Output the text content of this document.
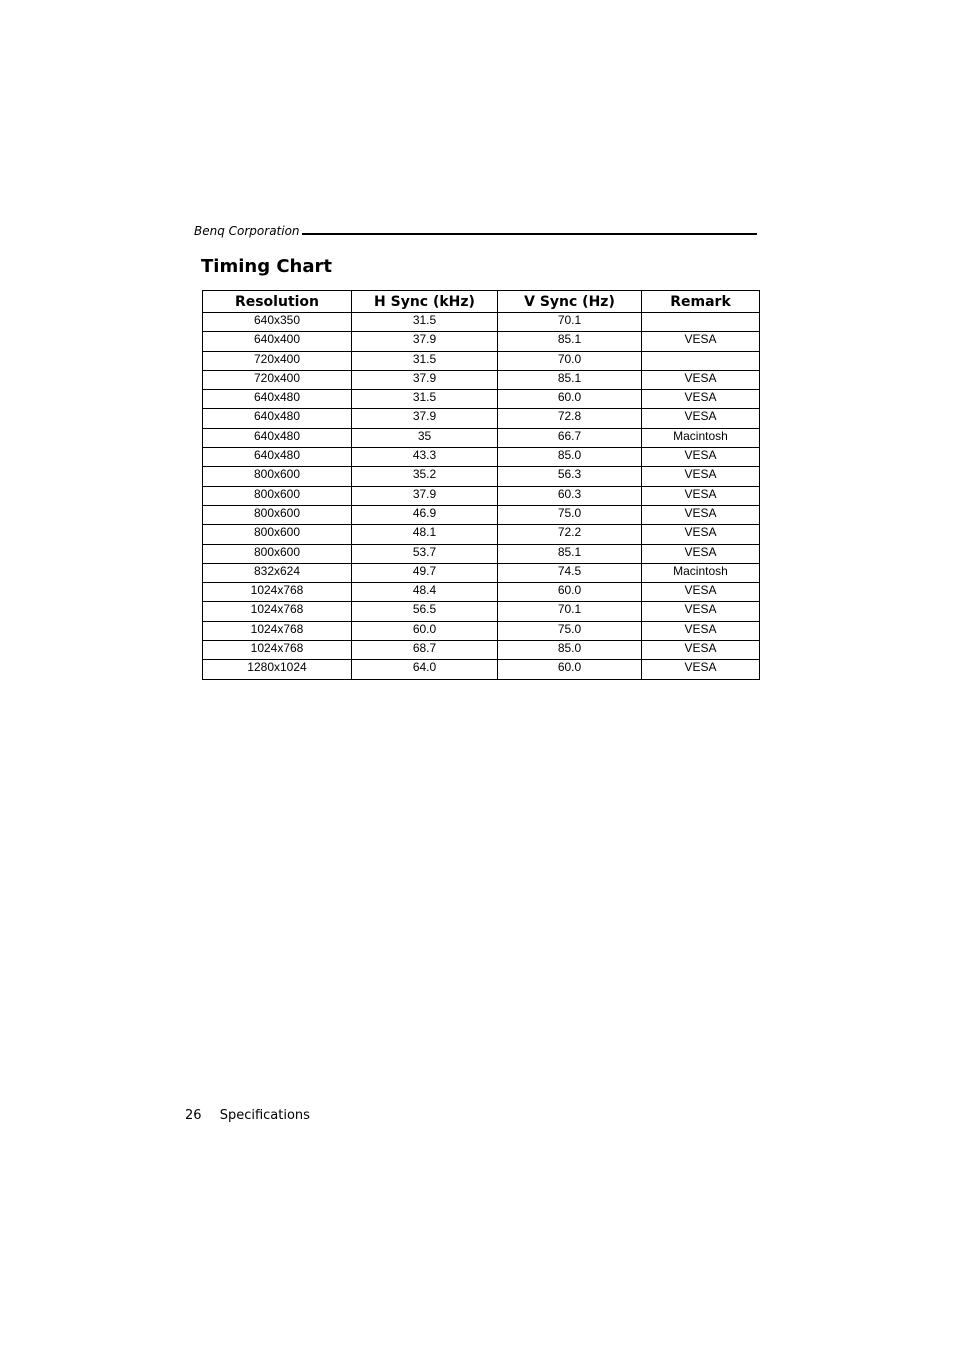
Benq Corporation
Timing Chart
Resolution	H Sync (kHz)	V Sync (Hz)	Remark
640x350	31.5	70.1	
640x400	37.9	85.1	VESA
720x400	31.5	70.0	
720x400	37.9	85.1	VESA
640x480	31.5	60.0	VESA
640x480	37.9	72.8	VESA
640x480	35	66.7	Macintosh
640x480	43.3	85.0	VESA
800x600	35.2	56.3	VESA
800x600	37.9	60.3	VESA
800x600	46.9	75.0	VESA
800x600	48.1	72.2	VESA
800x600	53.7	85.1	VESA
832x624	49.7	74.5	Macintosh
1024x768	48.4	60.0	VESA
1024x768	56.5	70.1	VESA
1024x768	60.0	75.0	VESA
1024x768	68.7	85.0	VESA
1280x1024	64.0	60.0	VESA
26 Specifications
